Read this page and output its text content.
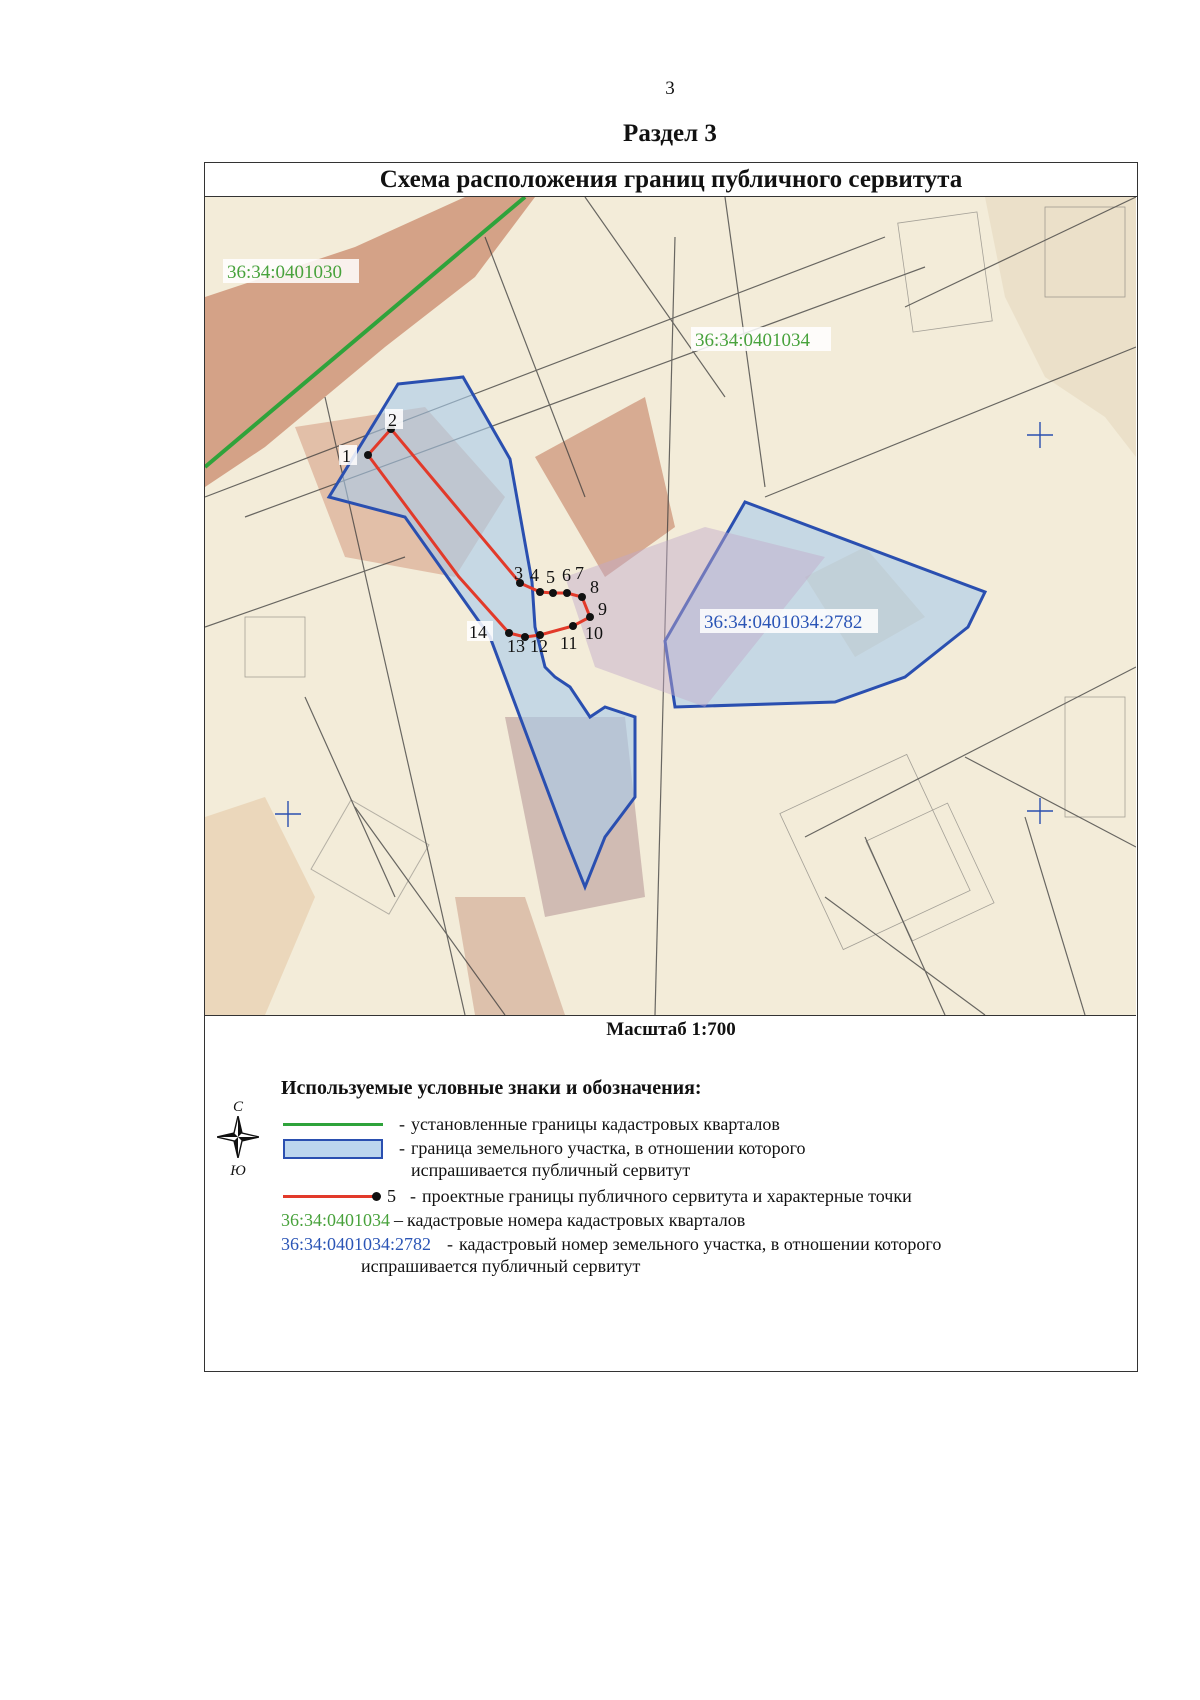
3
Раздел 3
Схема расположения границ публичного сервитута
1
2
3 4 5 6 7
8
9
10
11
12
13
14
36:34:0401030
36:34:0401034
36:34:0401034:2782
Масштаб 1:700
С
Ю
Используемые условные знаки и обозначения:
- установленные границы кадастровых кварталов
- граница земельного участка, в отношении которого
испрашивается публичный сервитут
5 - проектные границы публичного сервитута и характерные точки
36:34:0401034 – кадастровые номера кадастровых кварталов
36:34:0401034:2782 - кадастровый номер земельного участка, в отношении которого
испрашивается публичный сервитут
